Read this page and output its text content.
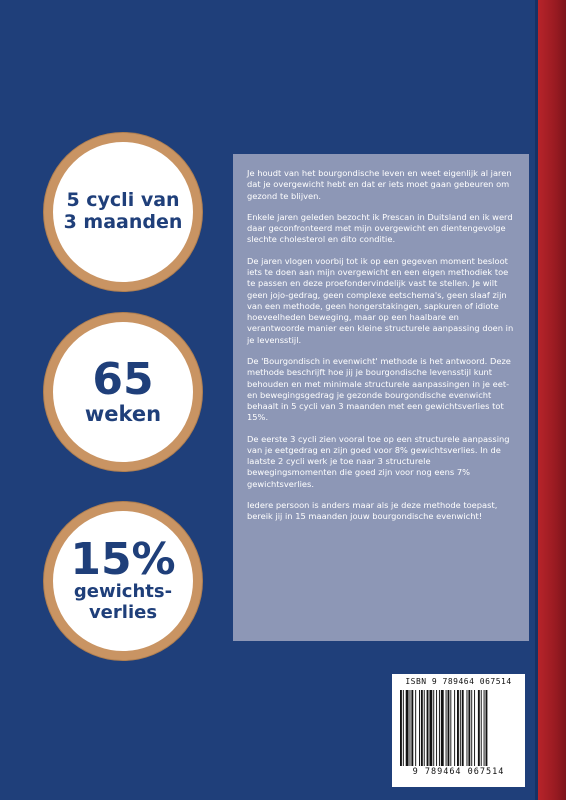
5 cycli van
3 maanden
65
weken
15%
gewichts-
verlies

Je houdt van het bourgondische leven en weet eigenlijk al jaren dat je overgewicht hebt en dat er iets moet gaan gebeuren om gezond te blijven.

Enkele jaren geleden bezocht ik Prescan in Duitsland en ik werd daar geconfronteerd met mijn overgewicht en dientengevolge slechte cholesterol en dito conditie.

De jaren vlogen voorbij tot ik op een gegeven moment besloot iets te doen aan mijn overgewicht en een eigen methodiek toe te passen en deze proefondervindelijk vast te stellen. Je wilt geen jojo-gedrag, geen complexe eetschema's, geen slaaf zijn van een methode, geen hongerstakingen, sapkuren of idiote hoeveelheden beweging, maar op een haalbare en verantwoorde manier een kleine structurele aanpassing doen in je levensstijl.

De 'Bourgondisch in evenwicht' methode is het antwoord. Deze methode beschrijft hoe jij je bourgondische levensstijl kunt behouden en met minimale structurele aanpassingen in je eet- en bewegingsgedrag je gezonde bourgondische evenwicht behaalt in 5 cycli van 3 maanden met een gewichtsverlies tot 15%.

De eerste 3 cycli zien vooral toe op een structurele aanpassing van je eetgedrag en zijn goed voor 8% gewichtsverlies. In de laatste 2 cycli werk je toe naar 3 structurele bewegingsmomenten die goed zijn voor nog eens 7% gewichtsverlies.

Iedere persoon is anders maar als je deze methode toepast, bereik jij in 15 maanden jouw bourgondische evenwicht!

ISBN 9 789464 067514
9 789464 067514
